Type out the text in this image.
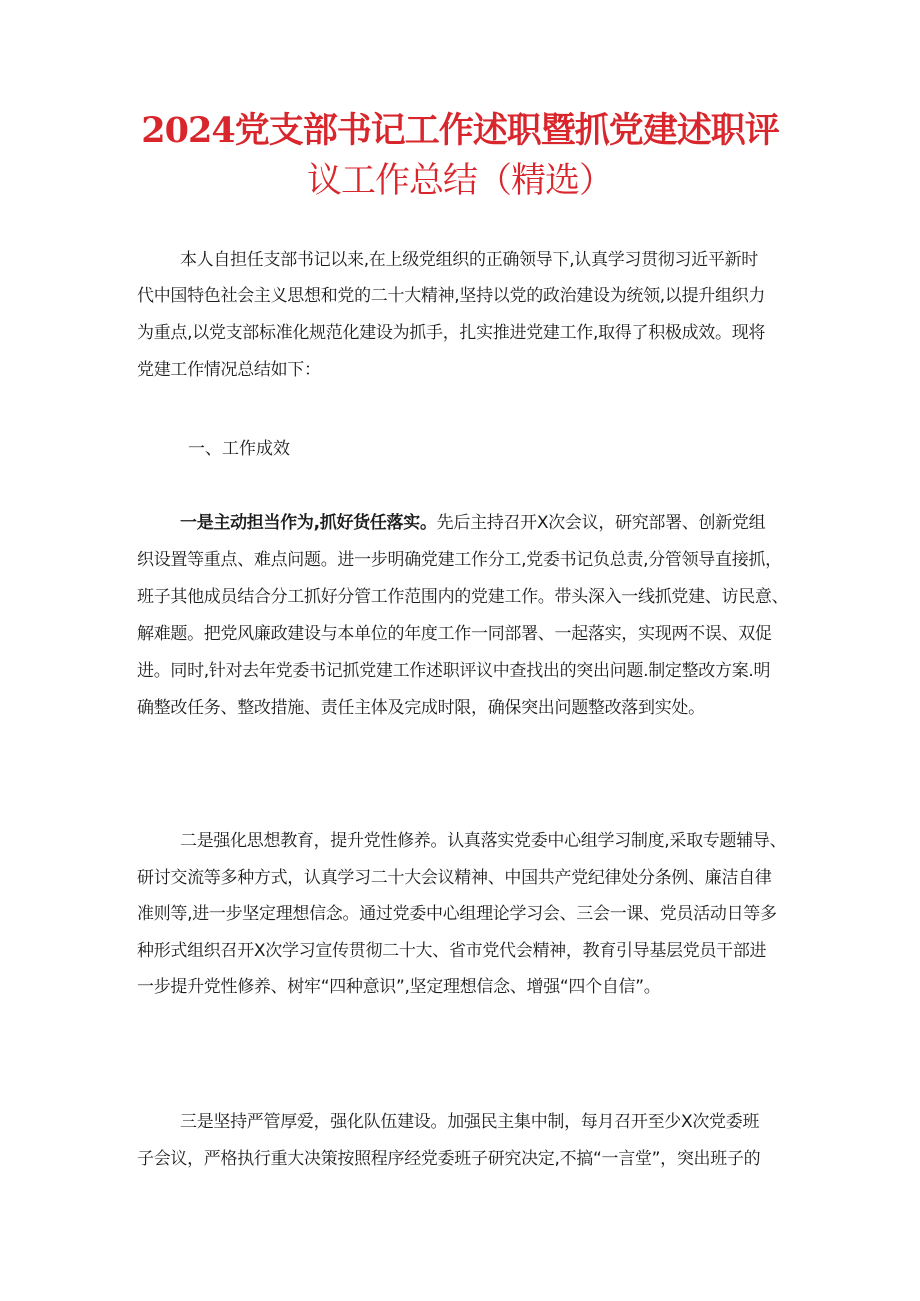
2024党支部书记工作述职暨抓党建述职评
议工作总结（精选）
本人自担任支部书记以来,在上级党组织的正确领导下,认真学习贯彻习近平新时
代中国特色社会主义思想和党的二十大精神,坚持以党的政治建设为统领,以提升组织力
为重点,以党支部标准化规范化建设为抓手，扎实推进党建工作,取得了积极成效。现将
党建工作情况总结如下：
一、工作成效
一是主动担当作为,抓好货任落实。先后主持召开X次会议，研究部署、创新党组
织设置等重点、难点问题。进一步明确党建工作分工,党委书记负总责,分管领导直接抓，
班子其他成员结合分工抓好分管工作范围内的党建工作。带头深入一线抓党建、访民意、
解难题。把党风廉政建设与本单位的年度工作一同部署、一起落实，实现两不误、双促
进。同时,针对去年党委书记抓党建工作述职评议中查找出的突出问题.制定整改方案.明
确整改任务、整改措施、责任主体及完成时限，确保突出问题整改落到实处。
二是强化思想教育，提升党性修养。认真落实党委中心组学习制度,采取专题辅导、
研讨交流等多种方式，认真学习二十大会议精神、中国共产党纪律处分条例、廉洁自律
准则等,进一步坚定理想信念。通过党委中心组理论学习会、三会一课、党员活动日等多
种形式组织召开X次学习宣传贯彻二十大、省市党代会精神，教育引导基层党员干部进
一步提升党性修养、树牢“四种意识”,坚定理想信念、增强“四个自信”。
三是坚持严管厚爱，强化队伍建设。加强民主集中制，每月召开至少X次党委班
子会议，严格执行重大决策按照程序经党委班子研究决定,不搞“一言堂”，突出班子的
